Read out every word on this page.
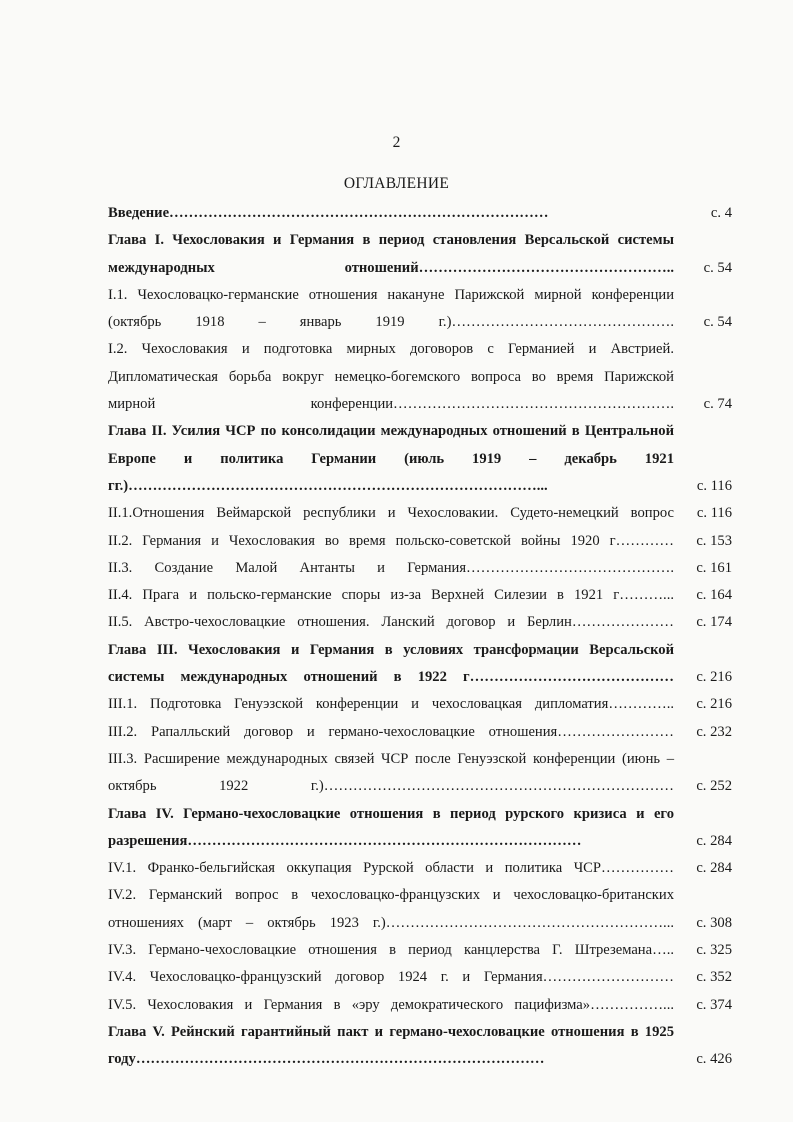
2
ОГЛАВЛЕНИЕ
Введение……………………………………………………………………	с. 4
Глава I. Чехословакия и Германия в период становления Версальской системы международных отношений……………………………………………..	с. 54
I.1. Чехословацко-германские отношения накануне Парижской мирной конференции (октябрь 1918 – январь 1919 г.)……………………………………….	с. 54
I.2. Чехословакия и подготовка мирных договоров с Германией и Австрией. Дипломатическая борьба вокруг немецко-богемского вопроса во время Парижской мирной конференции………………………………………………….	с. 74
Глава II. Усилия ЧСР по консолидации международных отношений в Центральной Европе и политика Германии (июль 1919 – декабрь 1921 гг.)…………………………………………………………………………...	с. 116
II.1.Отношения Веймарской республики и Чехословакии. Судето-немецкий вопрос	с. 116
II.2. Германия и Чехословакия во время польско-советской войны 1920 г…………	с. 153
II.3. Создание Малой Антанты и Германия…………………………………….	с. 161
II.4. Прага и польско-германские споры из-за Верхней Силезии в 1921 г………...	с. 164
II.5. Австро-чехословацкие отношения. Ланский договор и Берлин…………………	с. 174
Глава III. Чехословакия и Германия в условиях трансформации Версальской системы международных отношений в 1922 г……………………………………	с. 216
III.1. Подготовка Генуэзской конференции и чехословацкая дипломатия…………..	с. 216
III.2. Рапалльский договор и германо-чехословацкие отношения……………………	с. 232
III.3. Расширение международных связей ЧСР после Генуэзской конференции (июнь – октябрь 1922 г.)………………………………………………………………	с. 252
Глава IV. Германо-чехословацкие отношения в период рурского кризиса и его разрешения………………………………………………………………………	с. 284
IV.1. Франко-бельгийская оккупация Рурской области и политика ЧСР……………	с. 284
IV.2. Германский вопрос в чехословацко-французских и чехословацко-британских отношениях (март – октябрь 1923 г.)…………………………………………………...	с. 308
IV.3. Германо-чехословацкие отношения в период канцлерства Г. Штреземана…..	с. 325
IV.4. Чехословацко-французский договор 1924 г. и Германия………………………	с. 352
IV.5. Чехословакия и Германия в «эру демократического пацифизма»……………...	с. 374
Глава V. Рейнский гарантийный пакт и германо-чехословацкие отношения в 1925 году…………………………………………………………………………	с. 426
